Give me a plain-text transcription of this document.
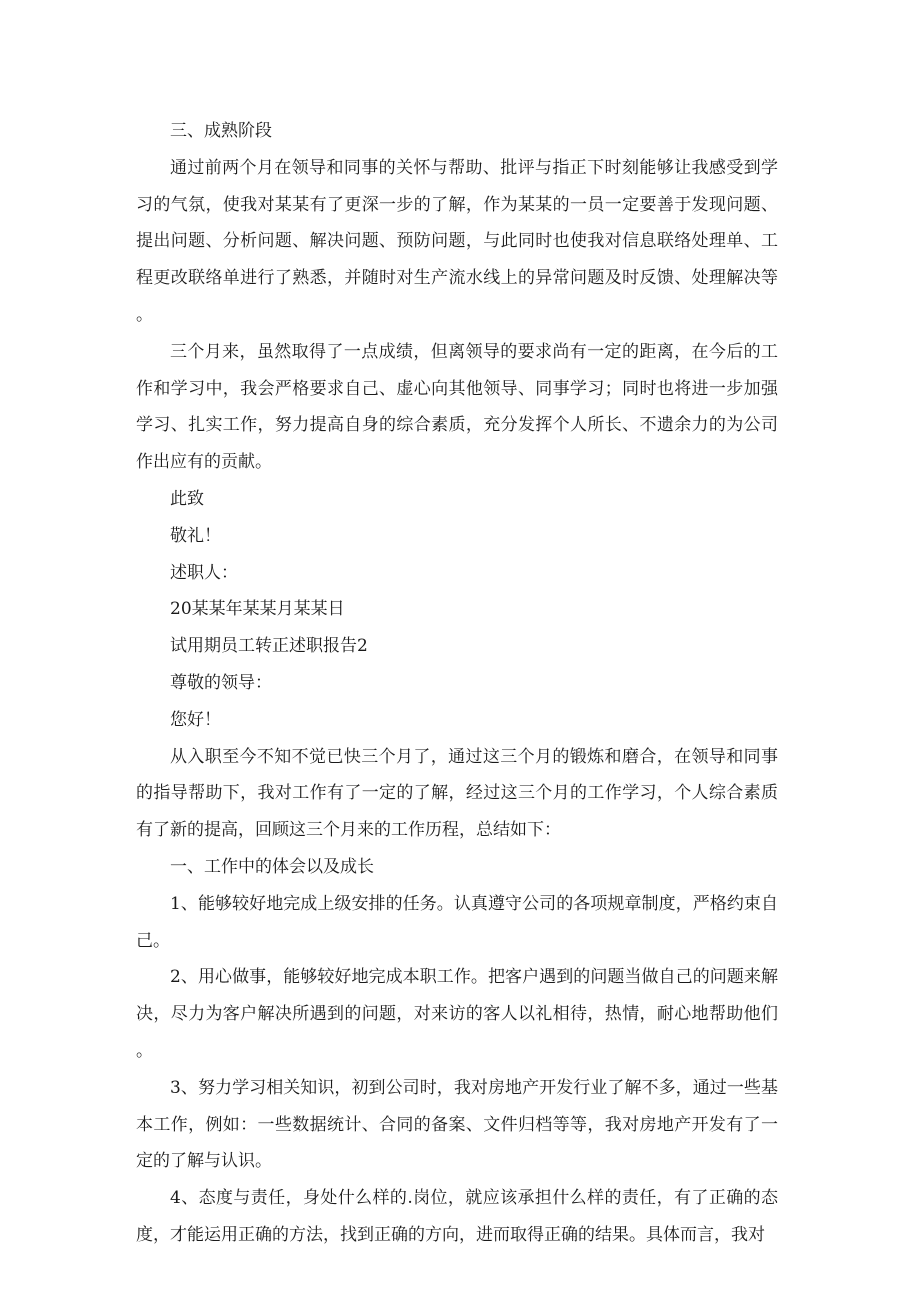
三、成熟阶段

通过前两个月在领导和同事的关怀与帮助、批评与指正下时刻能够让我感受到学习的气氛，使我对某某有了更深一步的了解，作为某某的一员一定要善于发现问题、提出问题、分析问题、解决问题、预防问题，与此同时也使我对信息联络处理单、工程更改联络单进行了熟悉，并随时对生产流水线上的异常问题及时反馈、处理解决等。

三个月来，虽然取得了一点成绩，但离领导的要求尚有一定的距离，在今后的工作和学习中，我会严格要求自己、虚心向其他领导、同事学习；同时也将进一步加强学习、扎实工作，努力提高自身的综合素质，充分发挥个人所长、不遗余力的为公司作出应有的贡献。

此致

敬礼！

述职人：

20某某年某某月某某日

试用期员工转正述职报告2

尊敬的领导：

您好！

从入职至今不知不觉已快三个月了，通过这三个月的锻炼和磨合，在领导和同事的指导帮助下，我对工作有了一定的了解，经过这三个月的工作学习，个人综合素质有了新的提高，回顾这三个月来的工作历程，总结如下：

一、工作中的体会以及成长

1、能够较好地完成上级安排的任务。认真遵守公司的各项规章制度，严格约束自己。

2、用心做事，能够较好地完成本职工作。把客户遇到的问题当做自己的问题来解决，尽力为客户解决所遇到的问题，对来访的客人以礼相待，热情，耐心地帮助他们。

3、努力学习相关知识，初到公司时，我对房地产开发行业了解不多，通过一些基本工作，例如：一些数据统计、合同的备案、文件归档等等，我对房地产开发有了一定的了解与认识。

4、态度与责任，身处什么样的.岗位，就应该承担什么样的责任，有了正确的态度，才能运用正确的方法，找到正确的方向，进而取得正确的结果。具体而言，我对
